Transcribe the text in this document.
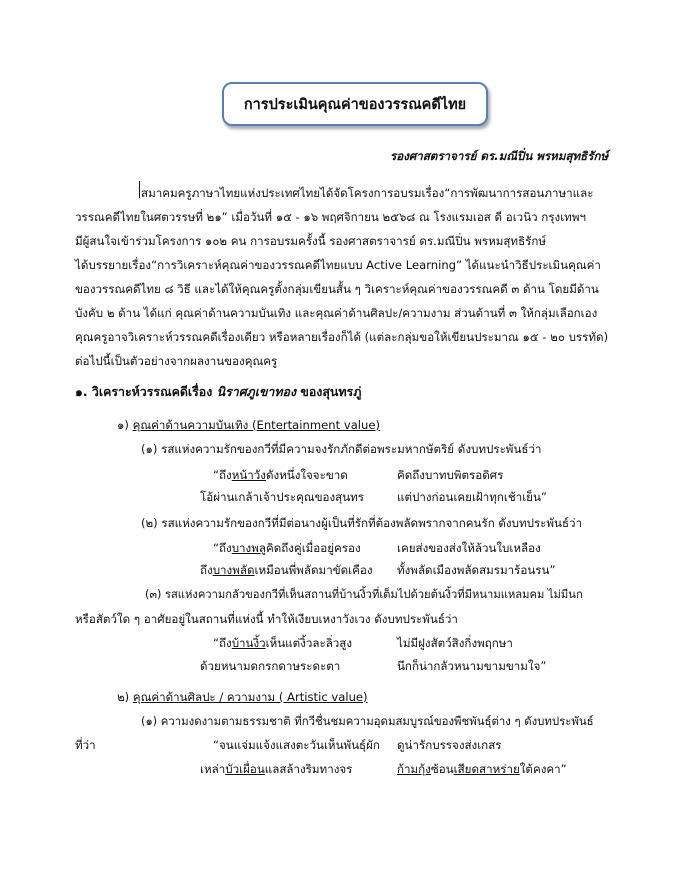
การประเมินคุณค่าของวรรณคดีไทย
รองศาสตราจารย์ ดร.มณีปิ่น พรหมสุทธิรักษ์
สมาคมครูภาษาไทยแห่งประเทศไทยได้จัดโครงการอบรมเรื่อง“การพัฒนาการสอนภาษาและ
วรรณคดีไทยในศตวรรษที่ ๒๑” เมื่อวันที่ ๑๕ - ๑๖ พฤศจิกายน ๒๕๖๘ ณ โรงแรมเอส ดี อเวนิว กรุงเทพฯ
มีผู้สนใจเข้าร่วมโครงการ ๑๐๒ คน การอบรมครั้งนี้ รองศาสตราจารย์ ดร.มณีปิ่น พรหมสุทธิรักษ์
ได้บรรยายเรื่อง“การวิเคราะห์คุณค่าของวรรณคดีไทยแบบ Active Learning” ได้แนะนำวิธีประเมินคุณค่า
ของวรรณคดีไทย ๘ วิธี และได้ให้คุณครูตั้งกลุ่มเขียนสั้น ๆ วิเคราะห์คุณค่าของวรรณคดี ๓ ด้าน โดยมีด้าน
บังคับ ๒ ด้าน ได้แก่ คุณค่าด้านความบันเทิง และคุณค่าด้านศิลปะ/ความงาม ส่วนด้านที่ ๓ ให้กลุ่มเลือกเอง
คุณครูอาจวิเคราะห์วรรณคดีเรื่องเดียว หรือหลายเรื่องก็ได้ (แต่ละกลุ่มขอให้เขียนประมาณ ๑๕ - ๒๐ บรรทัด)
ต่อไปนี้เป็นตัวอย่างจากผลงานของคุณครู
๑. วิเคราะห์วรรณคดีเรื่อง นิราศภูเขาทอง ของสุนทรภู่
๑) คุณค่าด้านความบันเทิง (Entertainment value)
(๑) รสแห่งความรักของกวีที่มีความจงรักภักดีต่อพระมหากษัตริย์ ดังบทประพันธ์ว่า
“ถึงหน้าวังดังหนึ่งใจจะขาด	คิดถึงบาทบพิตรอดิศร
โอ้ผ่านเกล้าเจ้าประคุณของสุนทร	แต่ปางก่อนเคยเฝ้าทุกเช้าเย็น”
(๒) รสแห่งความรักของกวีที่มีต่อนางผู้เป็นที่รักที่ต้องพลัดพรากจากคนรัก ดังบทประพันธ์ว่า
“ถึงบางพลูคิดถึงคู่เมื่ออยู่ครอง	เคยส่งของส่งให้ล้วนใบเหลือง
ถึงบางพลัดเหมือนพี่พลัดมาขัดเคือง ทั้งพลัดเมืองพลัดสมรมาร้อนรน”
(๓) รสแห่งความกลัวของกวีที่เห็นสถานที่บ้านงิ้วที่เต็มไปด้วยต้นงิ้วที่มีหนามแหลมคม ไม่มีนก
หรือสัตว์ใด ๆ อาศัยอยู่ในสถานที่แห่งนี้ ทำให้เงียบเหงาวังเวง ดังบทประพันธ์ว่า
“ถึงบ้านงิ้วเห็นแต่งิ้วละลิ่วสูง	ไม่มีฝูงสัตว์สิงกิ่งพฤกษา
ด้วยหนามดกรกดาษระดะตา	นึกก็น่ากลัวหนามขามขามใจ”
๒) คุณค่าด้านศิลปะ / ความงาม ( Artistic value)
(๑) ความงดงามตามธรรมชาติ ที่กวีชื่นชมความอุดมสมบูรณ์ของพืชพันธุ์ต่าง ๆ ดังบทประพันธ์
ที่ว่า	“จนแจ่มแจ้งแสงตะวันเห็นพันธุ์ผัก ดูน่ารักบรรจงส่งเกสร
เหล่าบัวเผื่อนแลสล้างริมทางจร	ก้ามกุ้งซ้อนเสียดสาหร่ายใต้คงคา”
